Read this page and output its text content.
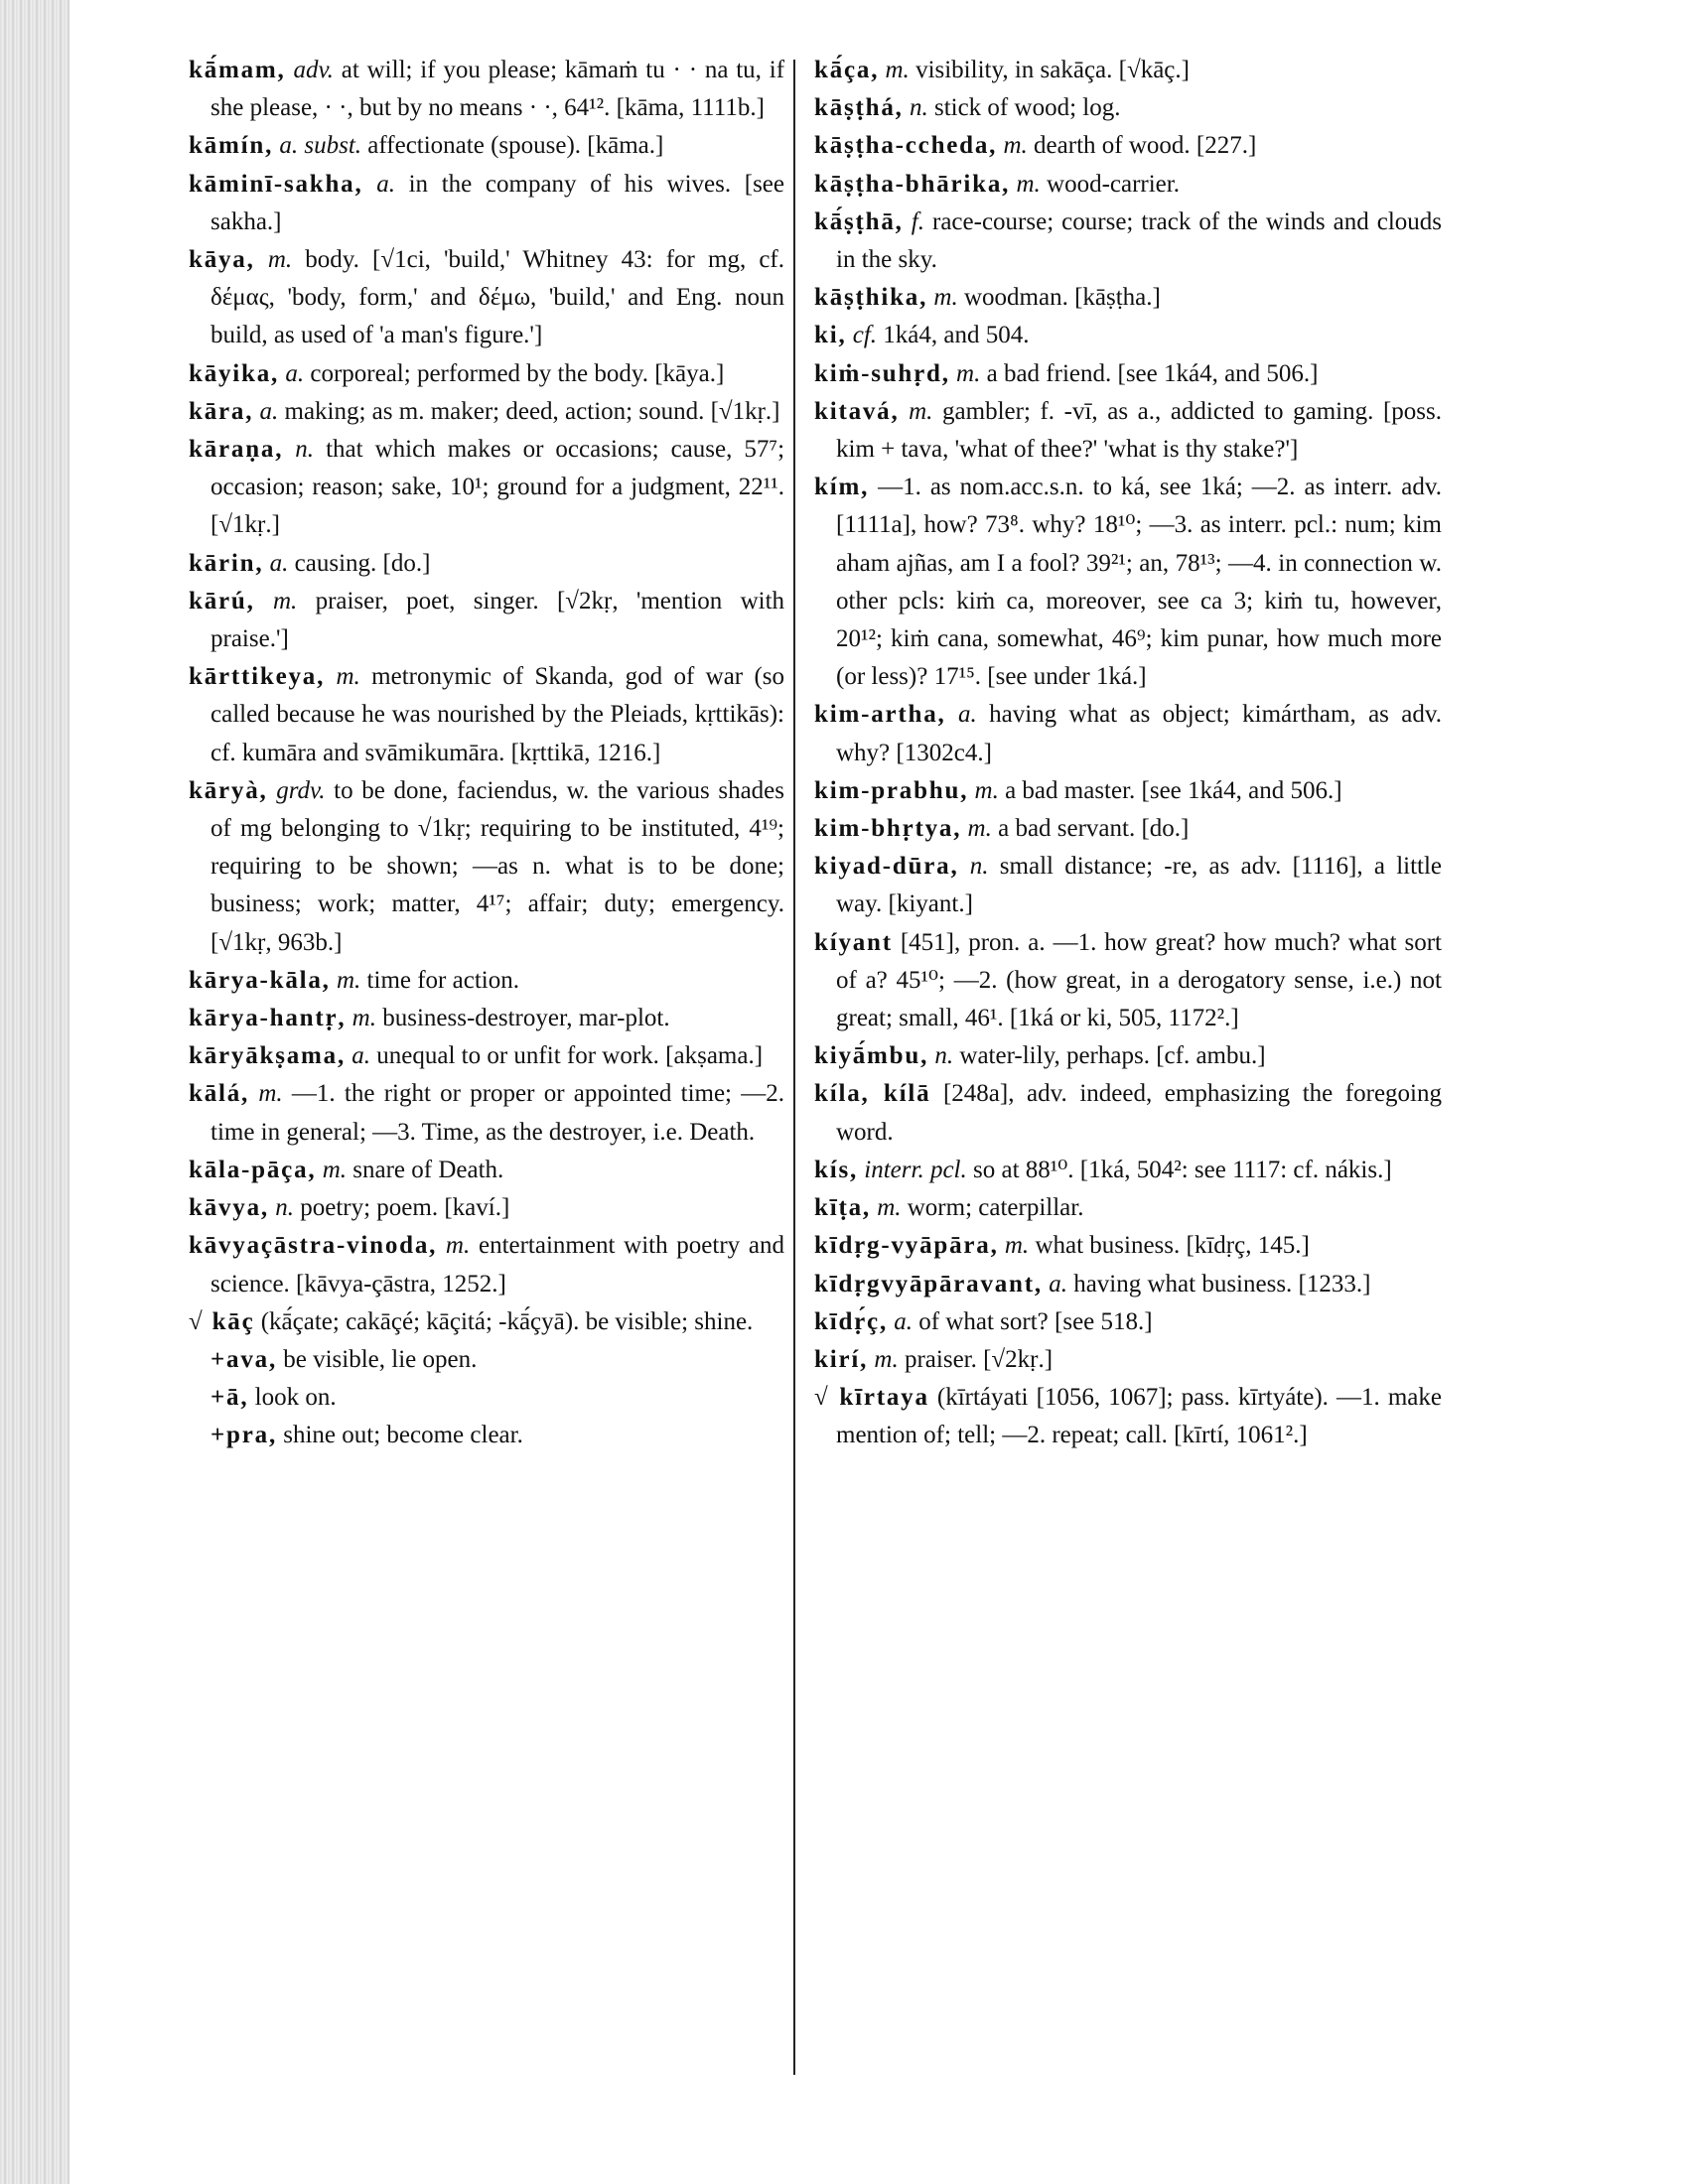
kā́mam, adv. at will; if you please; kāmaṁ tu · · na tu, if she please, · ·, but by no means · ·, 64¹². [kāma, 1111b.]

kāmín, a. subst. affectionate (spouse). [kāma.]

kāminī-sakha, a. in the company of his wives. [see sakha.]

kāya, m. body. [√1ci, 'build,' Whitney 43: for mg, cf. δέμας, 'body, form,' and δέμω, 'build,' and Eng. noun build, as used of 'a man's figure.']

kāyika, a. corporeal; performed by the body. [kāya.]

kāra, a. making; as m. maker; deed, action; sound. [√1kṛ.]

kāraṇa, n. that which makes or occasions; cause, 57⁷; occasion; reason; sake, 10¹; ground for a judgment, 22¹¹. [√1kṛ.]

kārin, a. causing. [do.]

kārú, m. praiser, poet, singer. [√2kṛ, 'mention with praise.']

kārttikeya, m. metronymic of Skanda, god of war (so called because he was nourished by the Pleiads, kṛttikās): cf. kumāra and svāmikumāra. [kṛttikā, 1216.]

kāryà, grdv. to be done, faciendus, w. the various shades of mg belonging to √1kṛ; requiring to be instituted, 4¹⁹; requiring to be shown; —as n. what is to be done; business; work; matter, 4¹⁷; affair; duty; emergency. [√1kṛ, 963b.]

kārya-kāla, m. time for action.

kārya-hantṛ, m. business-destroyer, mar-plot.

kāryākṣama, a. unequal to or unfit for work. [akṣama.]

kālá, m. —1. the right or proper or appointed time; —2. time in general; —3. Time, as the destroyer, i.e. Death.

kāla-pāça, m. snare of Death.

kāvya, n. poetry; poem. [kaví.]

kāvyaçāstra-vinoda, m. entertainment with poetry and science. [kāvya-çāstra, 1252.]

√ kāç (kā́çate; cakāçé; kāçitá; -kā́çyā). be visible; shine.

+ava, be visible, lie open.

+ā, look on.

+pra, shine out; become clear.

kā́ça, m. visibility, in sakāça. [√kāç.]

kāṣṭhá, n. stick of wood; log.

kāṣṭha-ccheda, m. dearth of wood. [227.]

kāṣṭha-bhārika, m. wood-carrier.

kā́ṣṭhā, f. race-course; course; track of the winds and clouds in the sky.

kāṣṭhika, m. woodman. [kāṣṭha.]

ki, cf. 1ká4, and 504.

kiṁ-suhṛd, m. a bad friend. [see 1ká4, and 506.]

kitavá, m. gambler; f. -vī, as a., addicted to gaming. [poss. kim + tava, 'what of thee?' 'what is thy stake?']

kím, —1. as nom.acc.s.n. to ká, see 1ká; —2. as interr. adv. [1111a], how? 73⁸. why? 18¹⁰; —3. as interr. pcl.: num; kim aham ajñas, am I a fool? 39²¹; an, 78¹³; —4. in connection w. other pcls: kiṁ ca, moreover, see ca 3; kiṁ tu, however, 20¹²; kiṁ cana, somewhat, 46⁹; kim punar, how much more (or less)? 17¹⁵. [see under 1ká.]

kim-artha, a. having what as object; kimártham, as adv. why? [1302c4.]

kim-prabhu, m. a bad master. [see 1ká4, and 506.]

kim-bhṛtya, m. a bad servant. [do.]

kiyad-dūra, n. small distance; -re, as adv. [1116], a little way. [kiyant.]

kíyant [451], pron. a. —1. how great? how much? what sort of a? 45¹⁰; —2. (how great, in a derogatory sense, i.e.) not great; small, 46¹. [1ká or ki, 505, 1172².]

kiyā́mbu, n. water-lily, perhaps. [cf. ambu.]

kíla, kílā [248a], adv. indeed, emphasizing the foregoing word.

kís, interr. pcl. so at 88¹⁰. [1ká, 504²: see 1117: cf. nákis.]

kīṭa, m. worm; caterpillar.

kīdṛg-vyāpāra, m. what business. [kīdṛç, 145.]

kīdṛgvyāpāravant, a. having what business. [1233.]

kīdṛ́ç, a. of what sort? [see 518.]

kirí, m. praiser. [√2kṛ.]

√ kīrtaya (kīrtáyati [1056, 1067]; pass. kīrtyáte). —1. make mention of; tell; —2. repeat; call. [kīrtí, 1061².]
